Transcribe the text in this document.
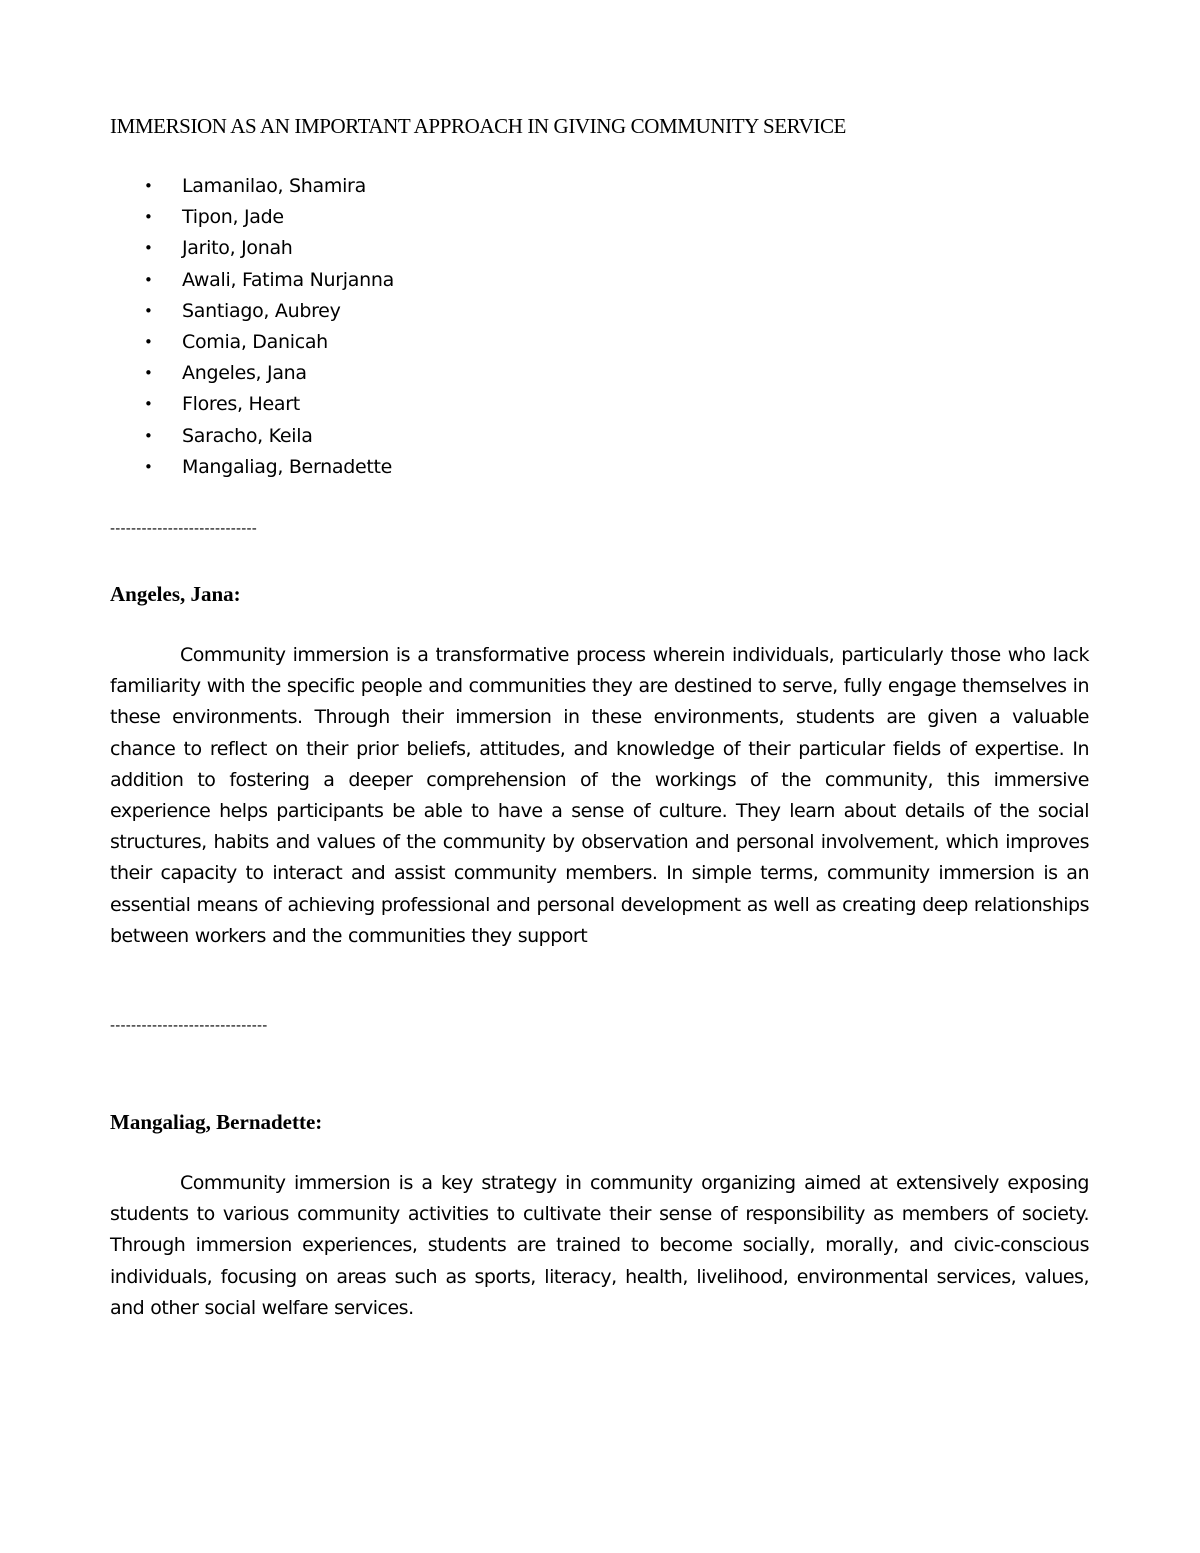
IMMERSION AS AN IMPORTANT APPROACH IN GIVING COMMUNITY SERVICE
• Lamanilao, Shamira
• Tipon, Jade
• Jarito, Jonah
• Awali, Fatima Nurjanna
• Santiago, Aubrey
• Comia, Danicah
• Angeles, Jana
• Flores, Heart
• Saracho, Keila
• Mangaliag, Bernadette
----------------------------
Angeles, Jana:

Community immersion is a transformative process wherein individuals, particularly those who lack familiarity with the specific people and communities they are destined to serve, fully engage themselves in these environments. Through their immersion in these environments, students are given a valuable chance to reflect on their prior beliefs, attitudes, and knowledge of their particular fields of expertise. In addition to fostering a deeper comprehension of the workings of the community, this immersive experience helps participants be able to have a sense of culture. They learn about details of the social structures, habits and values of the community by observation and personal involvement, which improves their capacity to interact and assist community members. In simple terms, community immersion is an essential means of achieving professional and personal development as well as creating deep relationships between workers and the communities they support

------------------------------
Mangaliag, Bernadette:

Community immersion is a key strategy in community organizing aimed at extensively exposing students to various community activities to cultivate their sense of responsibility as members of society. Through immersion experiences, students are trained to become socially, morally, and civic-conscious individuals, focusing on areas such as sports, literacy, health, livelihood, environmental services, values, and other social welfare services.
